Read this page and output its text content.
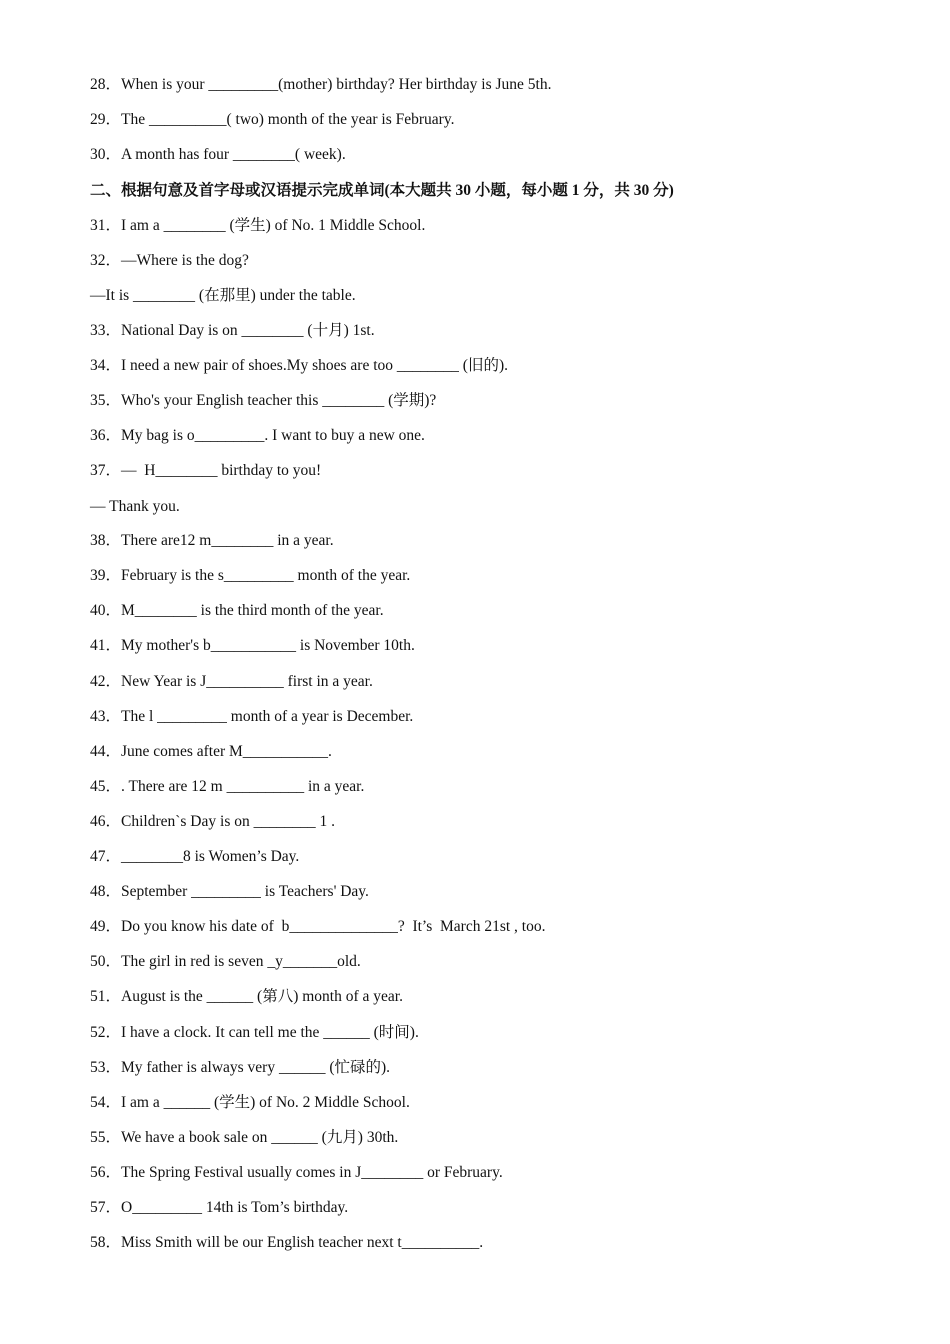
28．When is your _________(mother) birthday? Her birthday is June 5th.
29．The __________( two) month of the year is February.
30．A month has four ________( week).
二、根据句意及首字母或汉语提示完成单词(本大题共 30 小题，每小题 1 分，共 30 分)
31．I am a ________ (学生) of No. 1 Middle School.
32．—Where is the dog?
—It is ________ (在那里) under the table.
33．National Day is on ________ (十月) 1st.
34．I need a new pair of shoes.My shoes are too ________ (旧的).
35．Who's your English teacher this ________ (学期)?
36．My bag is o_________. I want to buy a new one.
37．—  H________ birthday to you!
— Thank you.
38．There are12 m________ in a year.
39．February is the s_________ month of the year.
40．M________ is the third month of the year.
41．My mother's b___________ is November 10th.
42．New Year is J__________ first in a year.
43．The l _________ month of a year is December.
44．June comes after M___________.
45．. There are 12 m __________ in a year.
46．Children`s Day is on ________ 1 .
47．________8 is Women’s Day.
48．September _________ is Teachers' Day.
49．Do you know his date of  b______________?  It’s  March 21st , too.
50．The girl in red is seven _y_______old.
51．August is the ______ (第八) month of a year.
52．I have a clock. It can tell me the ______ (时间).
53．My father is always very ______ (忙碌的).
54．I am a ______ (学生) of No. 2 Middle School.
55．We have a book sale on ______ (九月) 30th.
56．The Spring Festival usually comes in J________ or February.
57．O_________ 14th is Tom’s birthday.
58．Miss Smith will be our English teacher next t__________.
